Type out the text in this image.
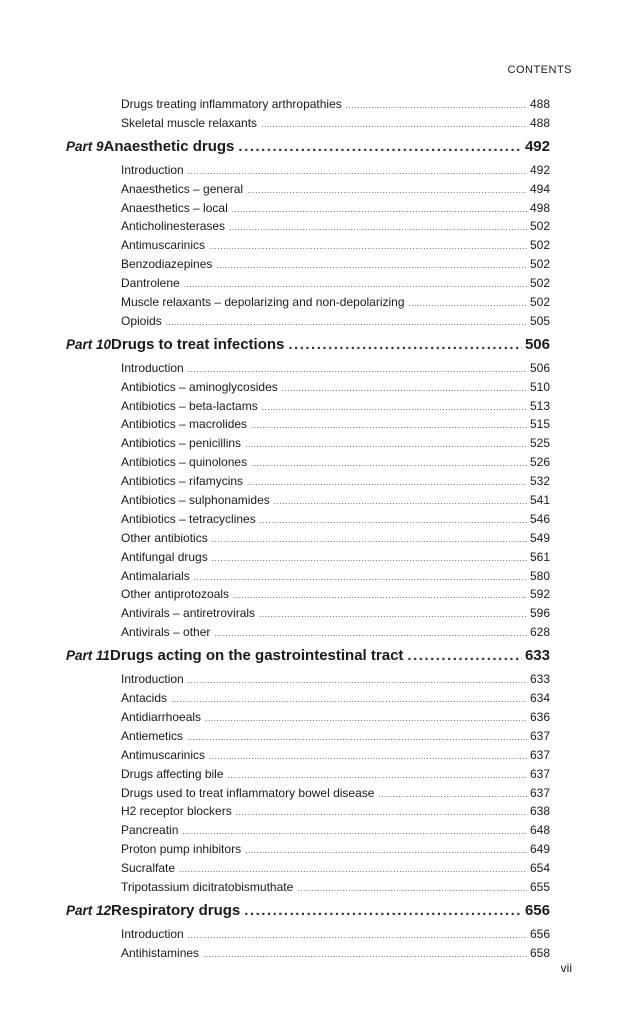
CONTENTS
Drugs treating inflammatory arthropathies .....	488
Skeletal muscle relaxants .....	488
Part 9 Anaesthetic drugs .....	492
Introduction .....	492
Anaesthetics – general .....	494
Anaesthetics – local .....	498
Anticholinesterases .....	502
Antimuscarinics .....	502
Benzodiazepines .....	502
Dantrolene .....	502
Muscle relaxants – depolarizing and non-depolarizing .....	502
Opioids .....	505
Part 10 Drugs to treat infections .....	506
Introduction .....	506
Antibiotics – aminoglycosides .....	510
Antibiotics – beta-lactams .....	513
Antibiotics – macrolides .....	515
Antibiotics – penicillins .....	525
Antibiotics – quinolones .....	526
Antibiotics – rifamycins .....	532
Antibiotics – sulphonamides .....	541
Antibiotics – tetracyclines .....	546
Other antibiotics .....	549
Antifungal drugs .....	561
Antimalarials .....	580
Other antiprotozoals .....	592
Antivirals – antiretrovirals .....	596
Antivirals – other .....	628
Part 11 Drugs acting on the gastrointestinal tract .....	633
Introduction .....	633
Antacids .....	634
Antidiarrhoeals .....	636
Antiemetics .....	637
Antimuscarinics .....	637
Drugs affecting bile .....	637
Drugs used to treat inflammatory bowel disease .....	637
H2 receptor blockers .....	638
Pancreatin .....	648
Proton pump inhibitors .....	649
Sucralfate .....	654
Tripotassium dicitratobismuthate .....	655
Part 12 Respiratory drugs .....	656
Introduction .....	656
Antihistamines .....	658
vii
